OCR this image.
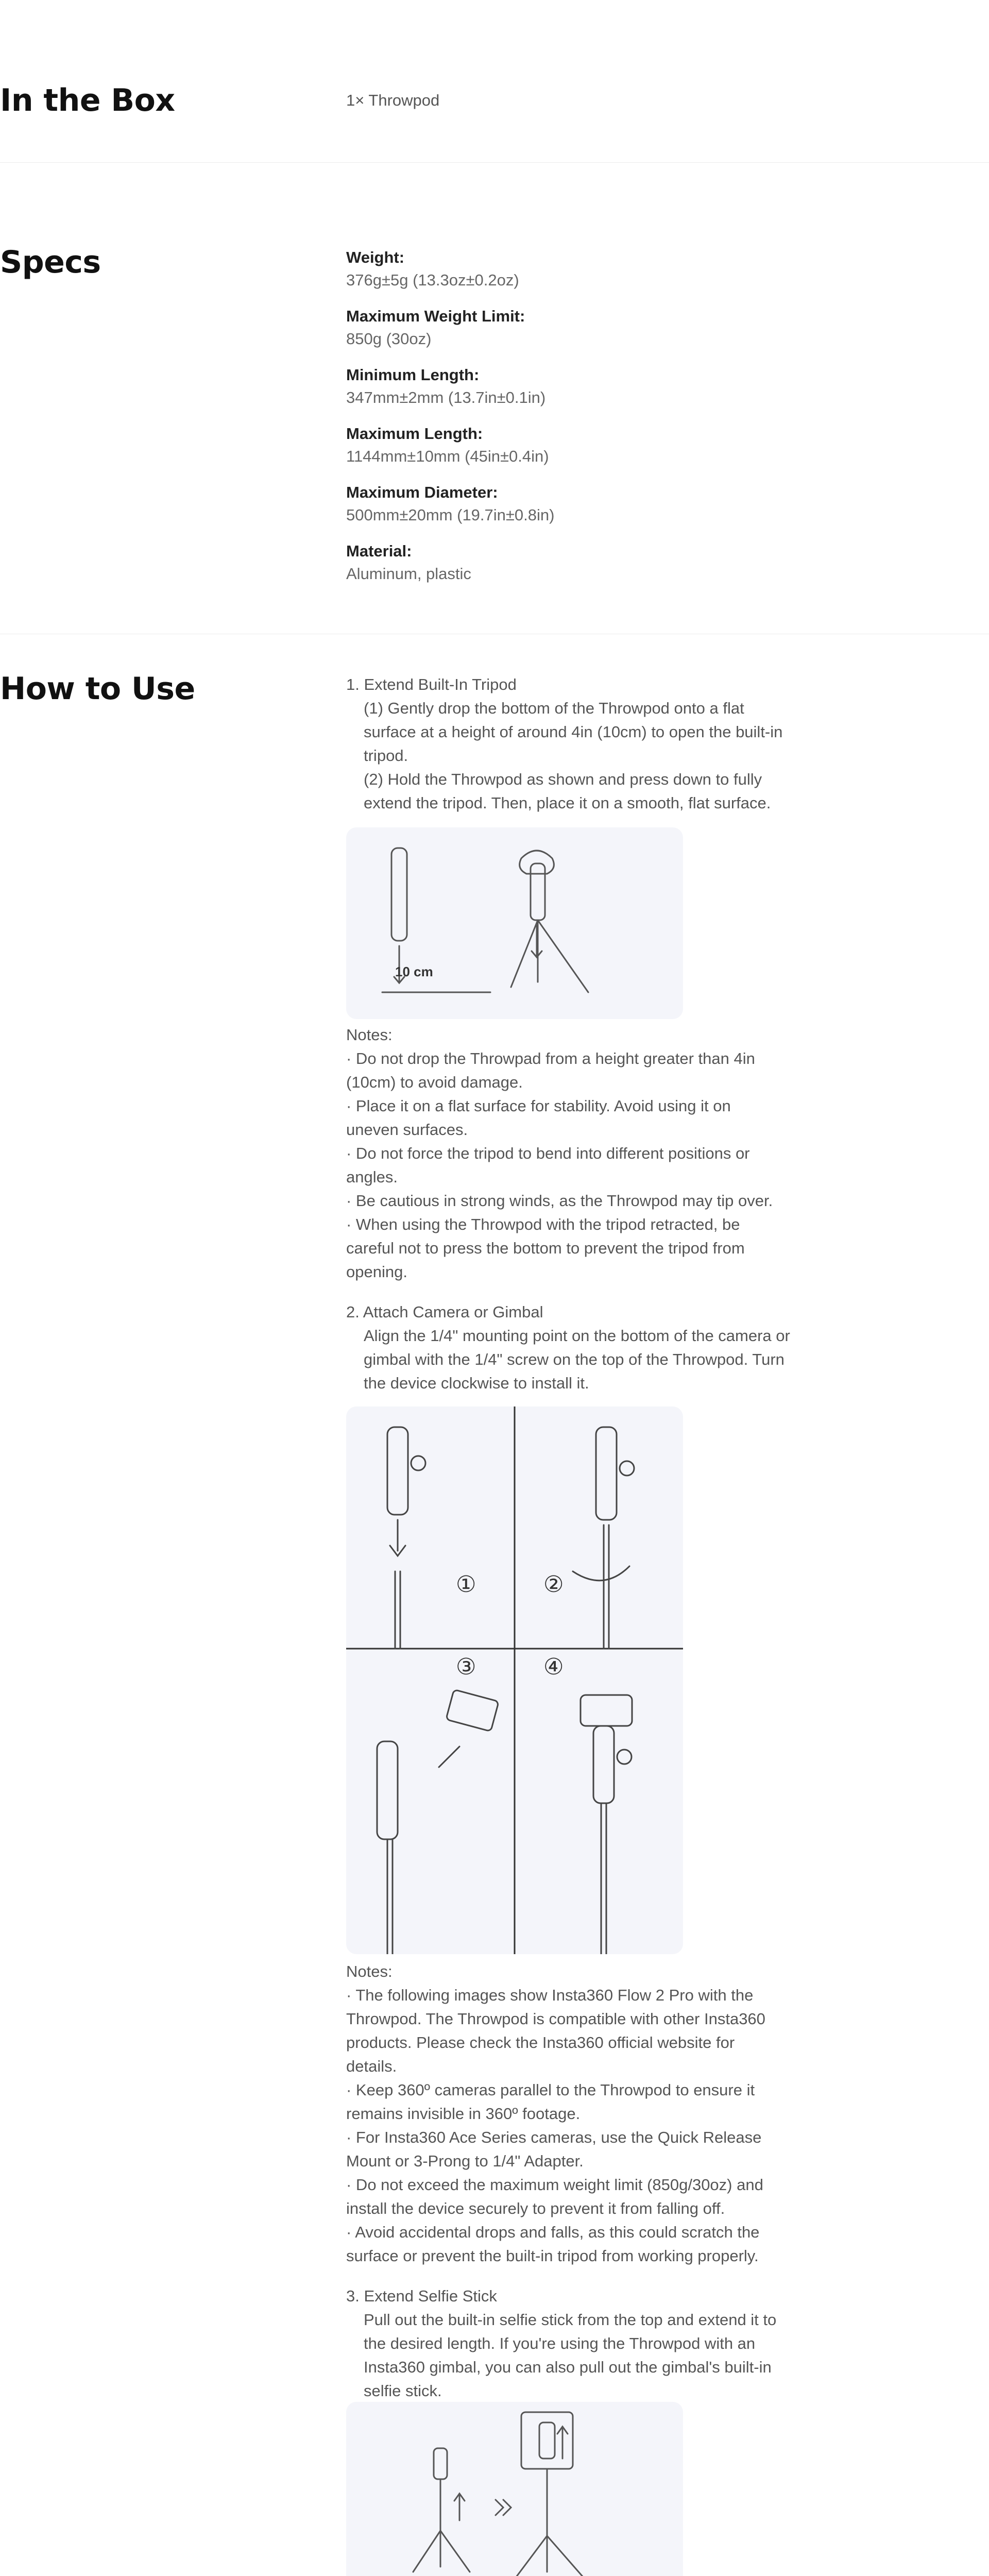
In the Box	1× Throwpod
Specs	Weight:
376g±5g (13.3oz±0.2oz)
Maximum Weight Limit:
850g (30oz)
Minimum Length:
347mm±2mm (13.7in±0.1in)
Maximum Length:
1144mm±10mm (45in±0.4in)
Maximum Diameter:
500mm±20mm (19.7in±0.8in)
Material:
Aluminum, plastic
How to Use	1. Extend Built-In Tripod

(1) Gently drop the bottom of the Throwpod onto a flat

surface at a height of around 4in (10cm) to open the built-in

tripod.

(2) Hold the Throwpod as shown and press down to fully

extend the tripod. Then, place it on a smooth, flat surface.

10 cm

Notes:

· Do not drop the Throwpad from a height greater than 4in

(10cm) to avoid damage.

· Place it on a flat surface for stability. Avoid using it on

uneven surfaces.

· Do not force the tripod to bend into different positions or

angles.

· Be cautious in strong winds, as the Throwpod may tip over.

· When using the Throwpod with the tripod retracted, be

careful not to press the bottom to prevent the tripod from

opening.

2. Attach Camera or Gimbal

Align the 1/4" mounting point on the bottom of the camera or

gimbal with the 1/4" screw on the top of the Throwpod. Turn

the device clockwise to install it.

①	②
③	④

Notes:

· The following images show Insta360 Flow 2 Pro with the

Throwpod. The Throwpod is compatible with other Insta360

products. Please check the Insta360 official website for

details.

· Keep 360º cameras parallel to the Throwpod to ensure it

remains invisible in 360º footage.

· For Insta360 Ace Series cameras, use the Quick Release

Mount or 3-Prong to 1/4" Adapter.

· Do not exceed the maximum weight limit (850g/30oz) and

install the device securely to prevent it from falling off.

· Avoid accidental drops and falls, as this could scratch the

surface or prevent the built-in tripod from working properly.

3. Extend Selfie Stick

Pull out the built-in selfie stick from the top and extend it to

the desired length. If you're using the Throwpod with an

Insta360 gimbal, you can also pull out the gimbal's built-in

selfie stick.
